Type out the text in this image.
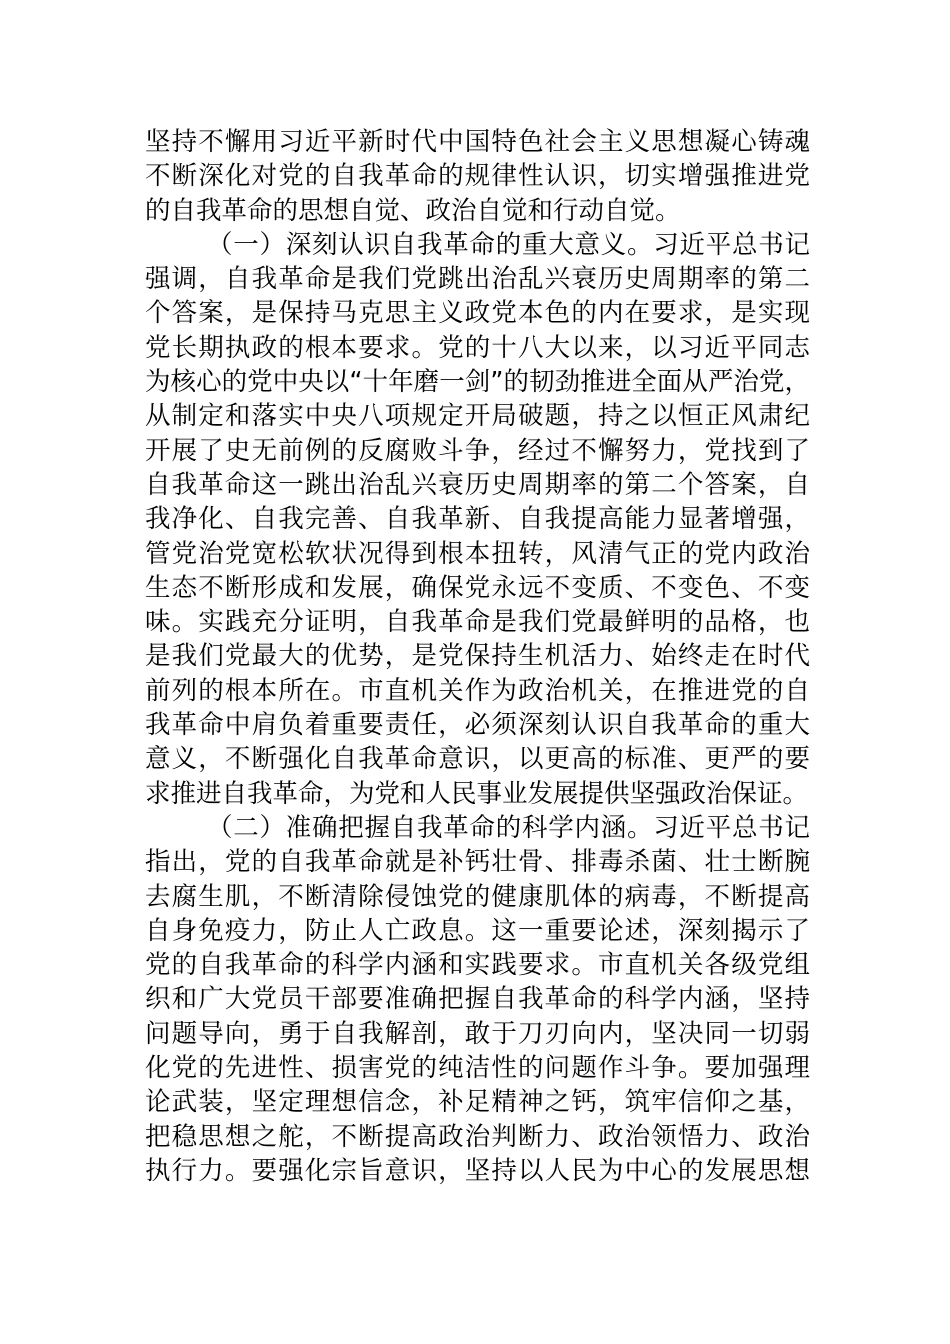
坚持不懈用习近平新时代中国特色社会主义思想凝心铸魂
不断深化对党的自我革命的规律性认识，切实增强推进党
的自我革命的思想自觉、政治自觉和行动自觉。
（一）深刻认识自我革命的重大意义。习近平总书记
强调，自我革命是我们党跳出治乱兴衰历史周期率的第二
个答案，是保持马克思主义政党本色的内在要求，是实现
党长期执政的根本要求。党的十八大以来，以习近平同志
为核心的党中央以“十年磨一剑”的韧劲推进全面从严治党，
从制定和落实中央八项规定开局破题，持之以恒正风肃纪
开展了史无前例的反腐败斗争，经过不懈努力，党找到了
自我革命这一跳出治乱兴衰历史周期率的第二个答案，自
我净化、自我完善、自我革新、自我提高能力显著增强，
管党治党宽松软状况得到根本扭转，风清气正的党内政治
生态不断形成和发展，确保党永远不变质、不变色、不变
味。实践充分证明，自我革命是我们党最鲜明的品格，也
是我们党最大的优势，是党保持生机活力、始终走在时代
前列的根本所在。市直机关作为政治机关，在推进党的自
我革命中肩负着重要责任，必须深刻认识自我革命的重大
意义，不断强化自我革命意识，以更高的标准、更严的要
求推进自我革命，为党和人民事业发展提供坚强政治保证。
（二）准确把握自我革命的科学内涵。习近平总书记
指出，党的自我革命就是补钙壮骨、排毒杀菌、壮士断腕
去腐生肌，不断清除侵蚀党的健康肌体的病毒，不断提高
自身免疫力，防止人亡政息。这一重要论述，深刻揭示了
党的自我革命的科学内涵和实践要求。市直机关各级党组
织和广大党员干部要准确把握自我革命的科学内涵，坚持
问题导向，勇于自我解剖，敢于刀刃向内，坚决同一切弱
化党的先进性、损害党的纯洁性的问题作斗争。要加强理
论武装，坚定理想信念，补足精神之钙，筑牢信仰之基，
把稳思想之舵，不断提高政治判断力、政治领悟力、政治
执行力。要强化宗旨意识，坚持以人民为中心的发展思想
